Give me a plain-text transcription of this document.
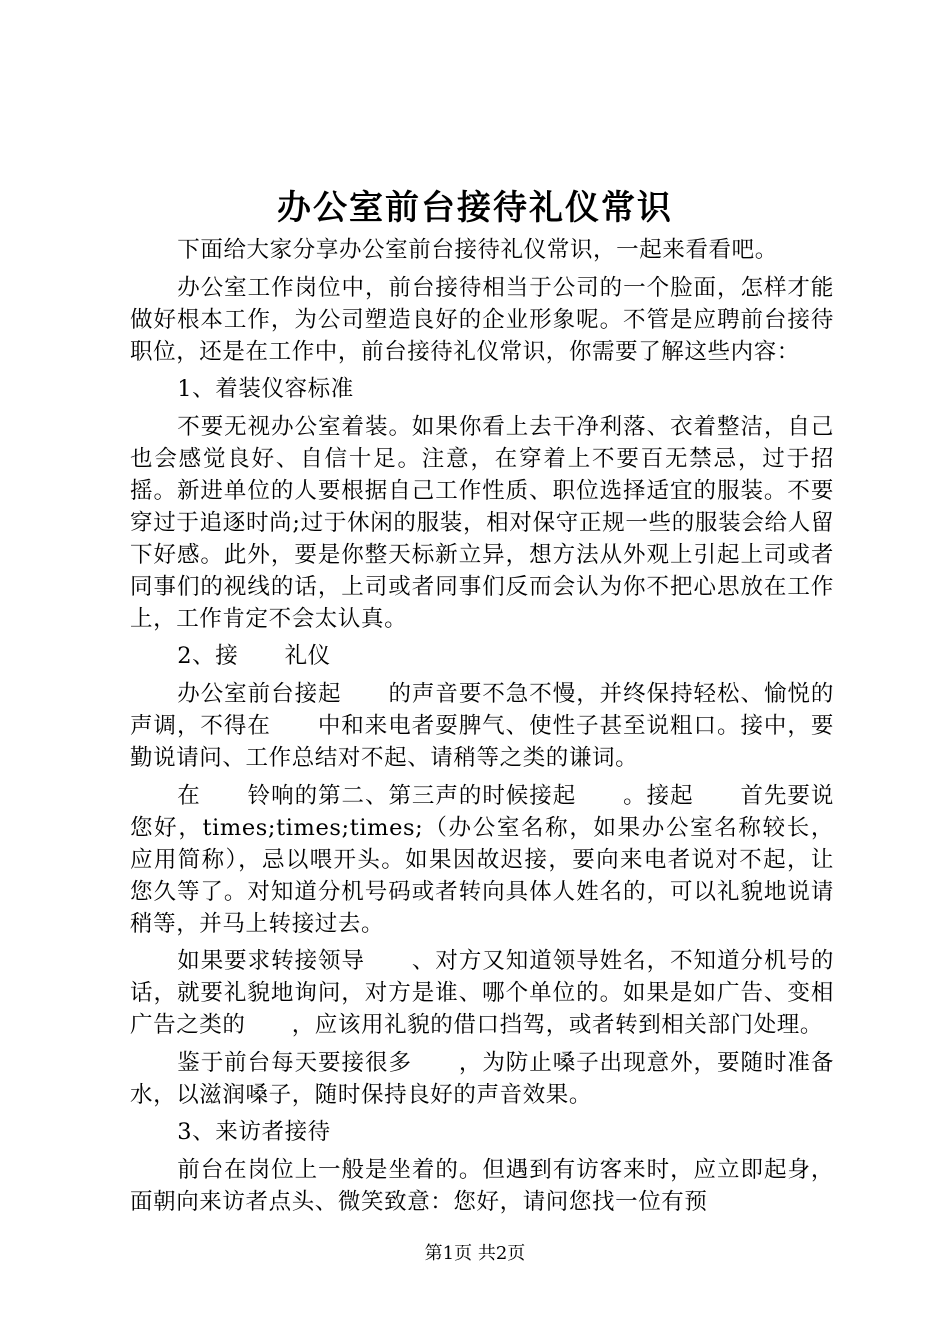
办公室前台接待礼仪常识

下面给大家分享办公室前台接待礼仪常识，一起来看看吧。

办公室工作岗位中，前台接待相当于公司的一个脸面，怎样才能做好根本工作，为公司塑造良好的企业形象呢。不管是应聘前台接待职位，还是在工作中，前台接待礼仪常识，你需要了解这些内容：

1、着装仪容标准

不要无视办公室着装。如果你看上去干净利落、衣着整洁，自己也会感觉良好、自信十足。注意，在穿着上不要百无禁忌，过于招摇。新进单位的人要根据自己工作性质、职位选择适宜的服装。不要穿过于追逐时尚;过于休闲的服装，相对保守正规一些的服装会给人留下好感。此外，要是你整天标新立异，想方法从外观上引起上司或者同事们的视线的话，上司或者同事们反而会认为你不把心思放在工作上，工作肯定不会太认真。

2、接　　礼仪

办公室前台接起　　的声音要不急不慢，并终保持轻松、愉悦的声调，不得在　　中和来电者耍脾气、使性子甚至说粗口。接中，要勤说请问、工作总结对不起、请稍等之类的谦词。

在　　铃响的第二、第三声的时候接起　　。接起　　首先要说您好，times;times;times;（办公室名称，如果办公室名称较长，应用简称），忌以喂开头。如果因故迟接，要向来电者说对不起，让您久等了。对知道分机号码或者转向具体人姓名的，可以礼貌地说请稍等，并马上转接过去。

如果要求转接领导　　、对方又知道领导姓名，不知道分机号的话，就要礼貌地询问，对方是谁、哪个单位的。如果是如广告、变相广告之类的　　，应该用礼貌的借口挡驾，或者转到相关部门处理。

鉴于前台每天要接很多　　，为防止嗓子出现意外，要随时准备水，以滋润嗓子，随时保持良好的声音效果。

3、来访者接待

前台在岗位上一般是坐着的。但遇到有访客来时，应立即起身，面朝向来访者点头、微笑致意：您好，请问您找一位有预

第1页 共2页
